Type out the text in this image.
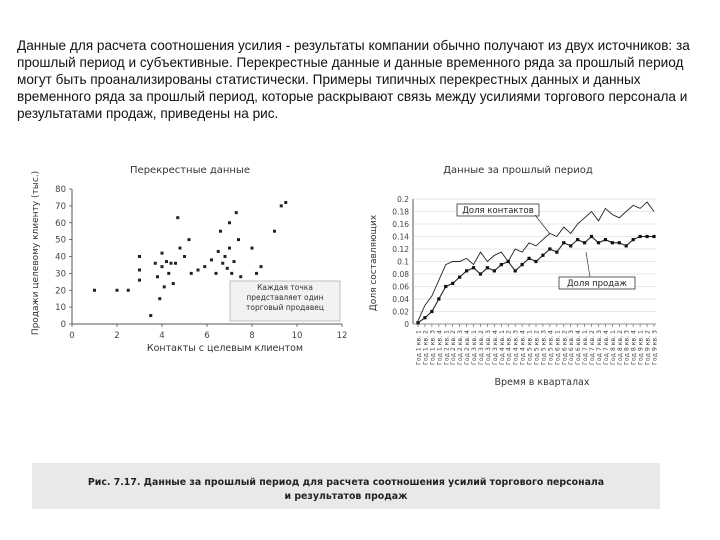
Данные для расчета соотношения усилия - результаты компании обычно получают из двух источников: за прошлый период и субъективные. Перекрестные данные и данные временного ряда за прошлый период могут быть проанализированы статистически. Примеры типичных перекрестных данных и данных временного ряда за прошлый период, которые раскрывают связь между усилиями торгового персонала и результатами продаж, приведены на рис.

Перекрестные данные
0
10
20
30
40
50
60
70
80
0	2	4	6	8	10	12
Контакты с целевым клиентом
Продажи целевому клиенту (тыс.)	Каждая точка представляет один торговый продавец
Данные за прошлый период
0
0.02
0.04
0.06
0.08
0.1
0.12
0.14
0.16
0.18
0.2
Год 1 кв. 1 Год 1 кв. 2 Год 1 кв. 3 Год 1 кв. 4 Год 2 кв. 1 Год 2 кв. 2 Год 2 кв. 3 Год 2 кв. 4 Год 3 кв. 1 Год 3 кв. 2 Год 3 кв. 3 Год 3 кв. 4 Год 4 кв. 1 Год 4 кв. 2 Год 4 кв. 3 Год 4 кв. 4 Год 5 кв. 1 Год 5 кв. 2 Год 5 кв. 3 Год 5 кв. 4 Год 6 кв. 1 Год 6 кв. 2 Год 6 кв. 3 Год 6 кв. 4 Год 7 кв. 1 Год 7 кв. 2 Год 7 кв. 3 Год 7 кв. 4 Год 8 кв. 1 Год 8 кв. 2 Год 8 кв. 3 Год 8 кв. 4 Год 9 кв. 1 Год 9 кв. 2 Год 9 кв. 3
Доля составляющих
Время в кварталах
Доля контактов
Доля продаж
Рис. 7.17. Данные за прошлый период для расчета соотношения усилий торгового персонала
и результатов продаж
